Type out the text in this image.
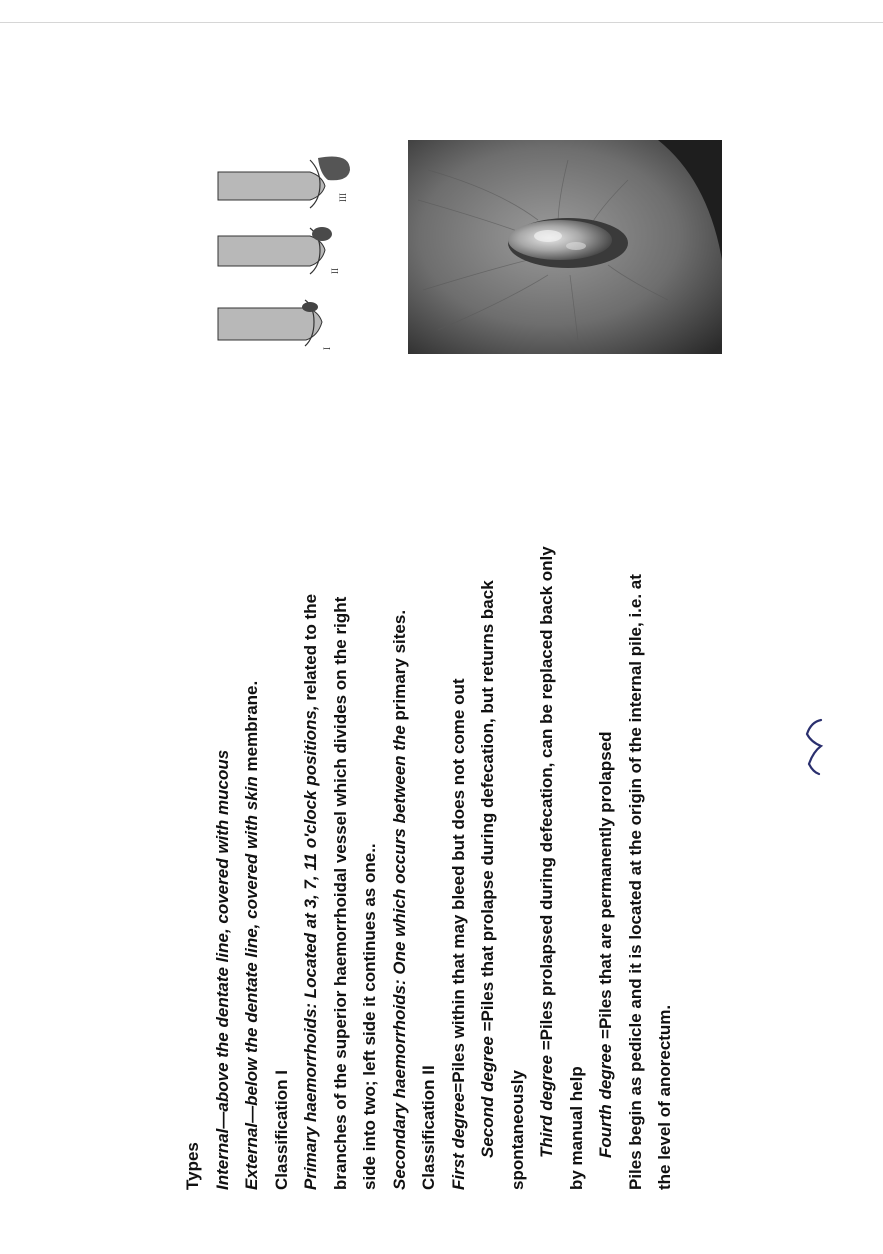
Types Internal—above the dentate line, covered with mucous
External—below the dentate line, covered with skin membrane.
Classification I Primary haemorrhoids: Located at 3, 7, 11 o'clock positions, related to the branches of the superior haemorrhoidal vessel which divides on the right side into two; left side it continues as one.. Secondary haemorrhoids: One which occurs between the primary sites.
Classification II First degree=Piles within that may bleed but does not come out
Second degree =Piles that prolapse during defecation, but returns back
spontaneously Third degree =Piles prolapsed during defecation, can be replaced back only
by manual help Fourth degree =Piles that are permanently prolapsed Piles begin as pedicle and it is located at the origin of the internal pile, i.e. at the level of anorectum.
I
II
III
2
